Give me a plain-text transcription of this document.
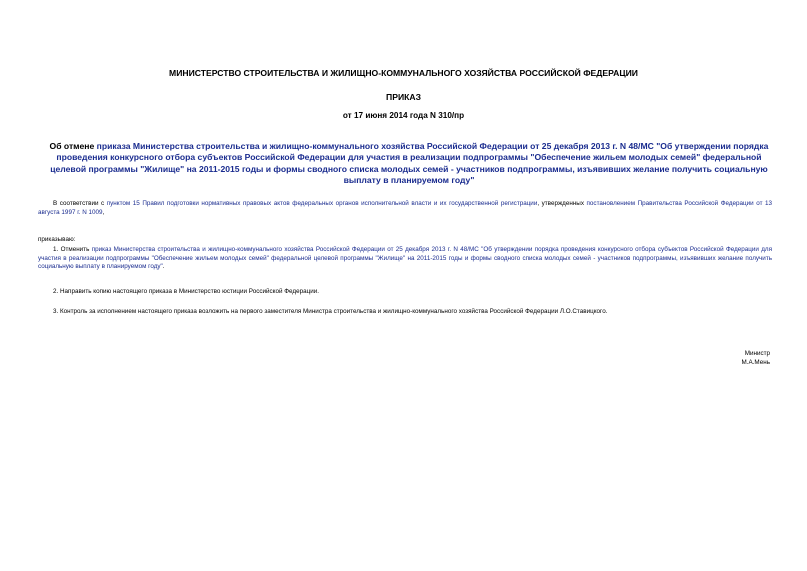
МИНИСТЕРСТВО СТРОИТЕЛЬСТВА И ЖИЛИЩНО-КОММУНАЛЬНОГО ХОЗЯЙСТВА РОССИЙСКОЙ ФЕДЕРАЦИИ
ПРИКАЗ
от 17 июня 2014 года N 310/пр
Об отмене приказа Министерства строительства и жилищно-коммунального хозяйства Российской Федерации от 25 декабря 2013 г. N 48/МС "Об утверждении порядка проведения конкурсного отбора субъектов Российской Федерации для участия в реализации подпрограммы "Обеспечение жильем молодых семей" федеральной целевой программы "Жилище" на 2011-2015 годы и формы сводного списка молодых семей - участников подпрограммы, изъявивших желание получить социальную выплату в планируемом году"
В соответствии с пунктом 15 Правил подготовки нормативных правовых актов федеральных органов исполнительной власти и их государственной регистрации, утвержденных постановлением Правительства Российской Федерации от 13 августа 1997 г. N 1009,
приказываю:
1. Отменить приказ Министерства строительства и жилищно-коммунального хозяйства Российской Федерации от 25 декабря 2013 г. N 48/МС "Об утверждении порядка проведения конкурсного отбора субъектов Российской Федерации для участия в реализации подпрограммы "Обеспечение жильем молодых семей" федеральной целевой программы "Жилище" на 2011-2015 годы и формы сводного списка молодых семей - участников подпрограммы, изъявивших желание получить социальную выплату в планируемом году".
2. Направить копию настоящего приказа в Министерство юстиции Российской Федерации.
3. Контроль за исполнением настоящего приказа возложить на первого заместителя Министра строительства и жилищно-коммунального хозяйства Российской Федерации Л.О.Ставицкого.
Министр
М.А.Мень
